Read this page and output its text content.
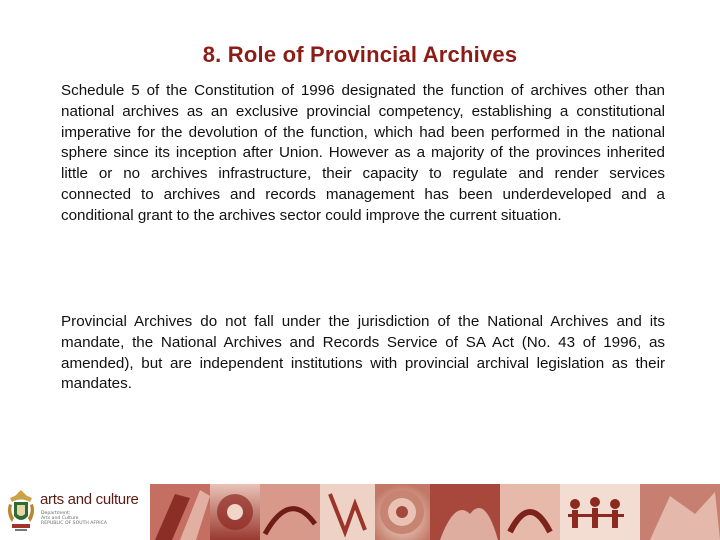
8. Role of Provincial Archives

Schedule 5 of the Constitution of 1996 designated the function of archives other than national archives as an exclusive provincial competency, establishing a constitutional imperative for the devolution of the function, which had been performed in the national sphere since its inception after Union. However as a majority of the provinces inherited little or no archives infrastructure, their capacity to regulate and render services connected to archives and records management has been underdeveloped and a conditional grant to the archives sector could improve the current situation.

Provincial Archives do not fall under the jurisdiction of the National Archives and its mandate, the National Archives and Records Service of SA Act (No. 43 of 1996, as amended), but are independent institutions with provincial archival legislation as their mandates.

arts and culture
Department:
Arts and Culture
REPUBLIC OF SOUTH AFRICA
